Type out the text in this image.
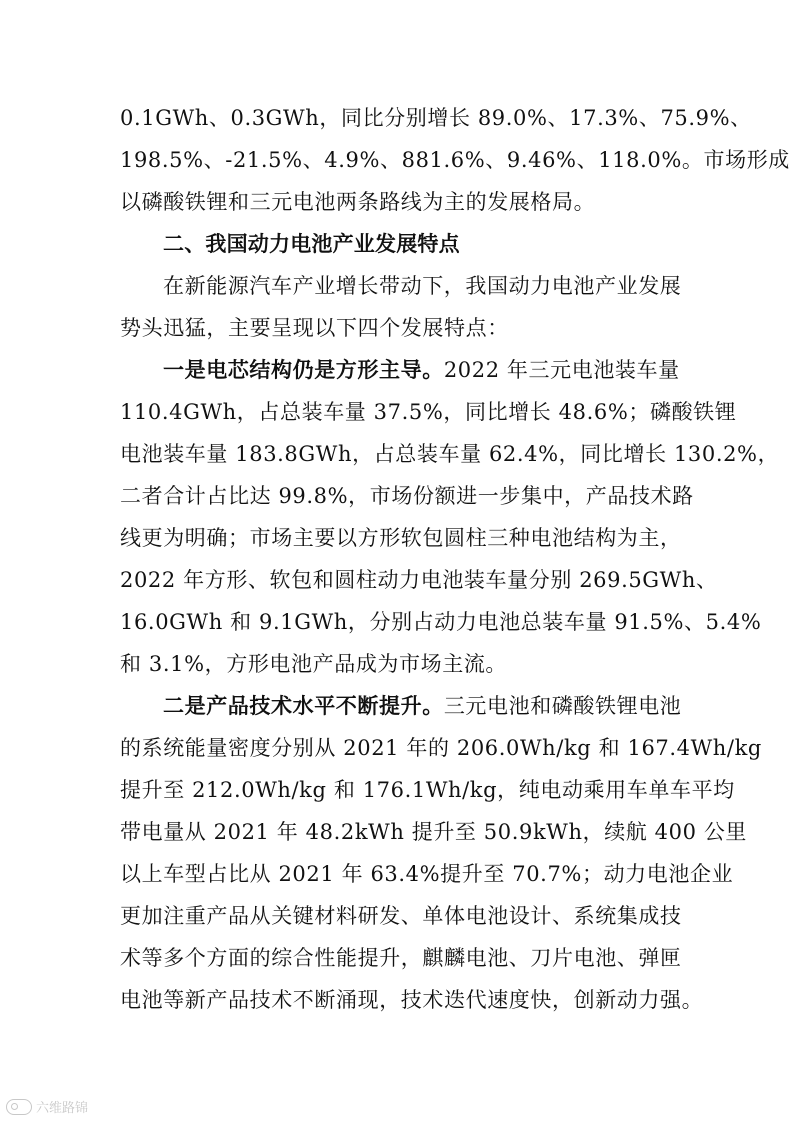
0.1GWh、0.3GWh，同比分别增长 89.0%、17.3%、75.9%、
198.5%、-21.5%、4.9%、881.6%、9.46%、118.0%。市场形成
以磷酸铁锂和三元电池两条路线为主的发展格局。
二、我国动力电池产业发展特点
在新能源汽车产业增长带动下，我国动力电池产业发展
势头迅猛，主要呈现以下四个发展特点：
一是电芯结构仍是方形主导。2022 年三元电池装车量
110.4GWh，占总装车量 37.5%，同比增长 48.6%；磷酸铁锂
电池装车量 183.8GWh，占总装车量 62.4%，同比增长 130.2%，
二者合计占比达 99.8%，市场份额进一步集中，产品技术路
线更为明确；市场主要以方形软包圆柱三种电池结构为主，
2022 年方形、软包和圆柱动力电池装车量分别 269.5GWh、
16.0GWh 和 9.1GWh，分别占动力电池总装车量 91.5%、5.4%
和 3.1%，方形电池产品成为市场主流。
二是产品技术水平不断提升。三元电池和磷酸铁锂电池
的系统能量密度分别从 2021 年的 206.0Wh/kg 和 167.4Wh/kg
提升至 212.0Wh/kg 和 176.1Wh/kg，纯电动乘用车单车平均
带电量从 2021 年 48.2kWh 提升至 50.9kWh，续航 400 公里
以上车型占比从 2021 年 63.4%提升至 70.7%；动力电池企业
更加注重产品从关键材料研发、单体电池设计、系统集成技
术等多个方面的综合性能提升，麒麟电池、刀片电池、弹匣
电池等新产品技术不断涌现，技术迭代速度快，创新动力强。
六维路锦
